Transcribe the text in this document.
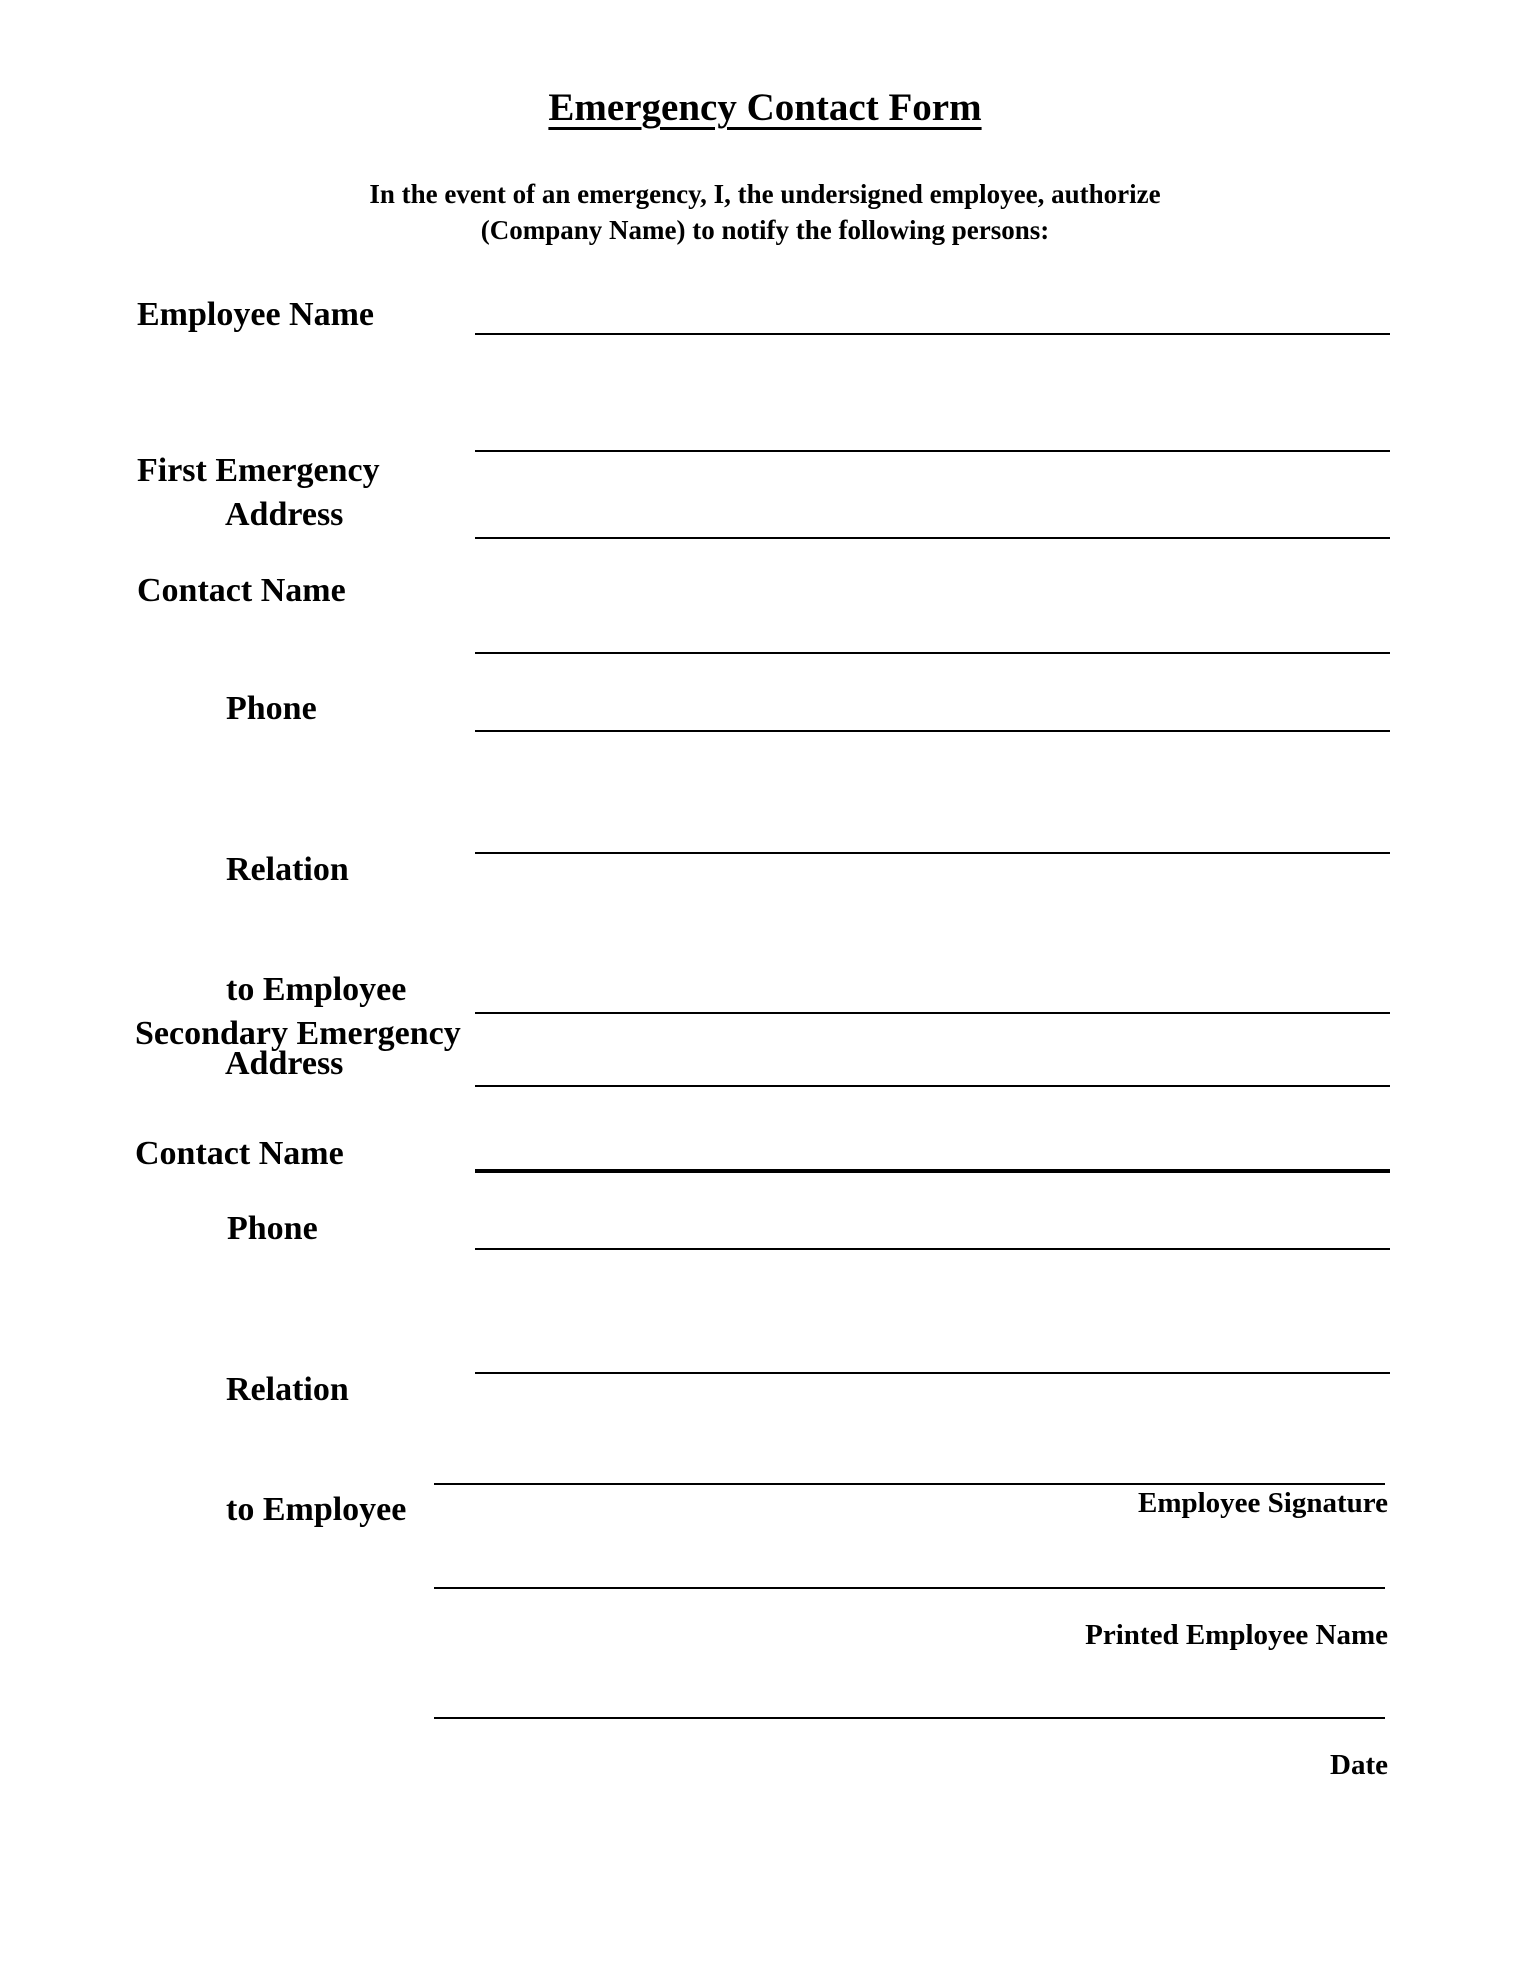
Emergency Contact Form
In the event of an emergency, I, the undersigned employee, authorize
(Company Name) to notify the following persons:
Employee Name

First Emergency

Contact Name

Address
Phone

Relation

to Employee

Secondary Emergency

Contact Name

Address
Phone

Relation

to Employee

	Employee Signature
Printed Employee Name
Date
